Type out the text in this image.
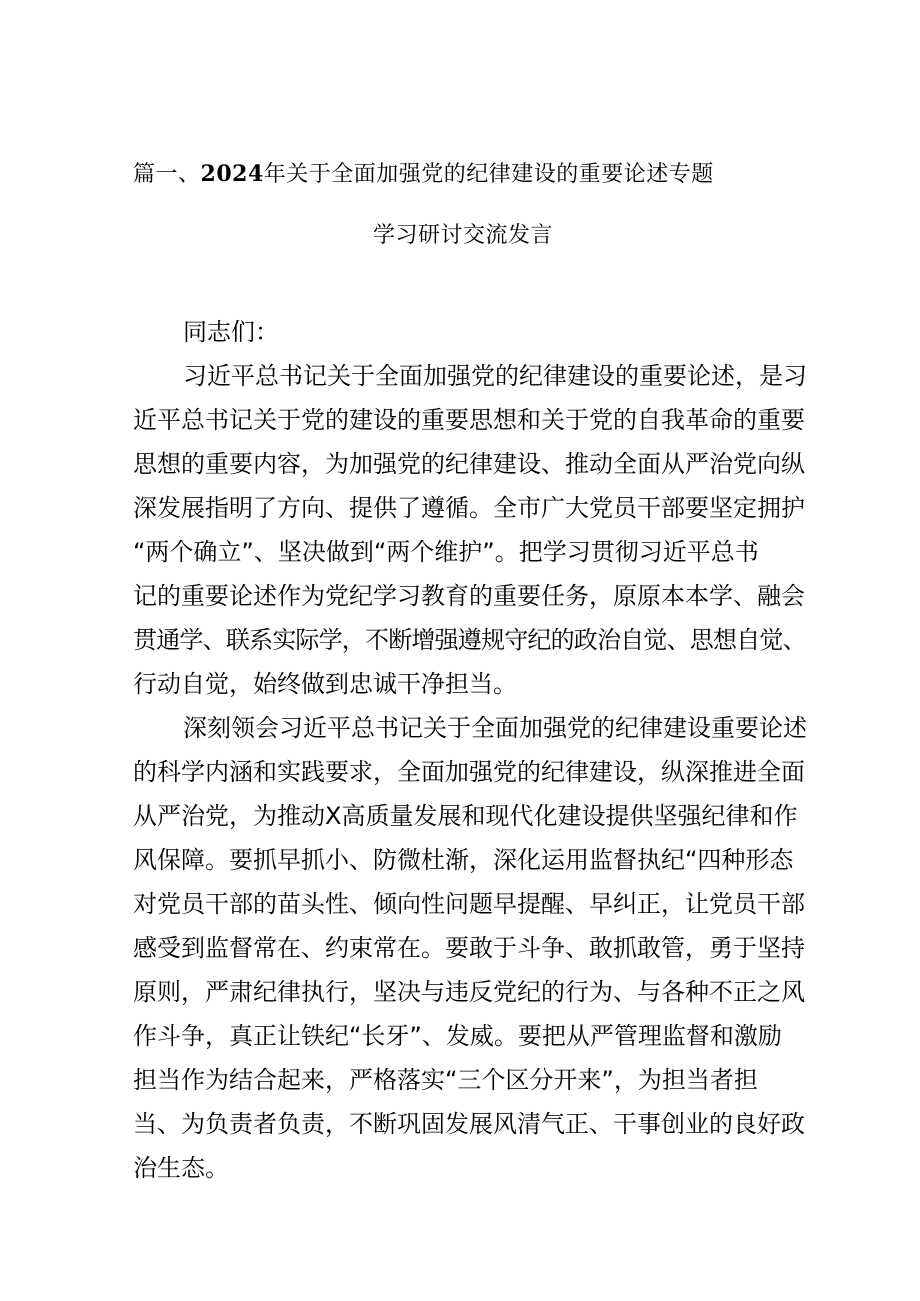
篇一、2024年关于全面加强党的纪律建设的重要论述专题
学习研讨交流发言
同志们：
习近平总书记关于全面加强党的纪律建设的重要论述，是习
近平总书记关于党的建设的重要思想和关于党的自我革命的重要
思想的重要内容，为加强党的纪律建设、推动全面从严治党向纵
深发展指明了方向、提供了遵循。全市广大党员干部要坚定拥护
“两个确立”、坚决做到“两个维护”。把学习贯彻习近平总书
记的重要论述作为党纪学习教育的重要任务，原原本本学、融会
贯通学、联系实际学，不断增强遵规守纪的政治自觉、思想自觉、
行动自觉，始终做到忠诚干净担当。
深刻领会习近平总书记关于全面加强党的纪律建设重要论述
的科学内涵和实践要求，全面加强党的纪律建设，纵深推进全面
从严治党，为推动X高质量发展和现代化建设提供坚强纪律和作
风保障。要抓早抓小、防微杜渐，深化运用监督执纪“四种形态
对党员干部的苗头性、倾向性问题早提醒、早纠正，让党员干部
感受到监督常在、约束常在。要敢于斗争、敢抓敢管，勇于坚持
原则，严肃纪律执行，坚决与违反党纪的行为、与各种不正之风
作斗争，真正让铁纪“长牙”、发威。要把从严管理监督和激励
担当作为结合起来，严格落实“三个区分开来”，为担当者担
当、为负责者负责，不断巩固发展风清气正、干事创业的良好政
治生态。
